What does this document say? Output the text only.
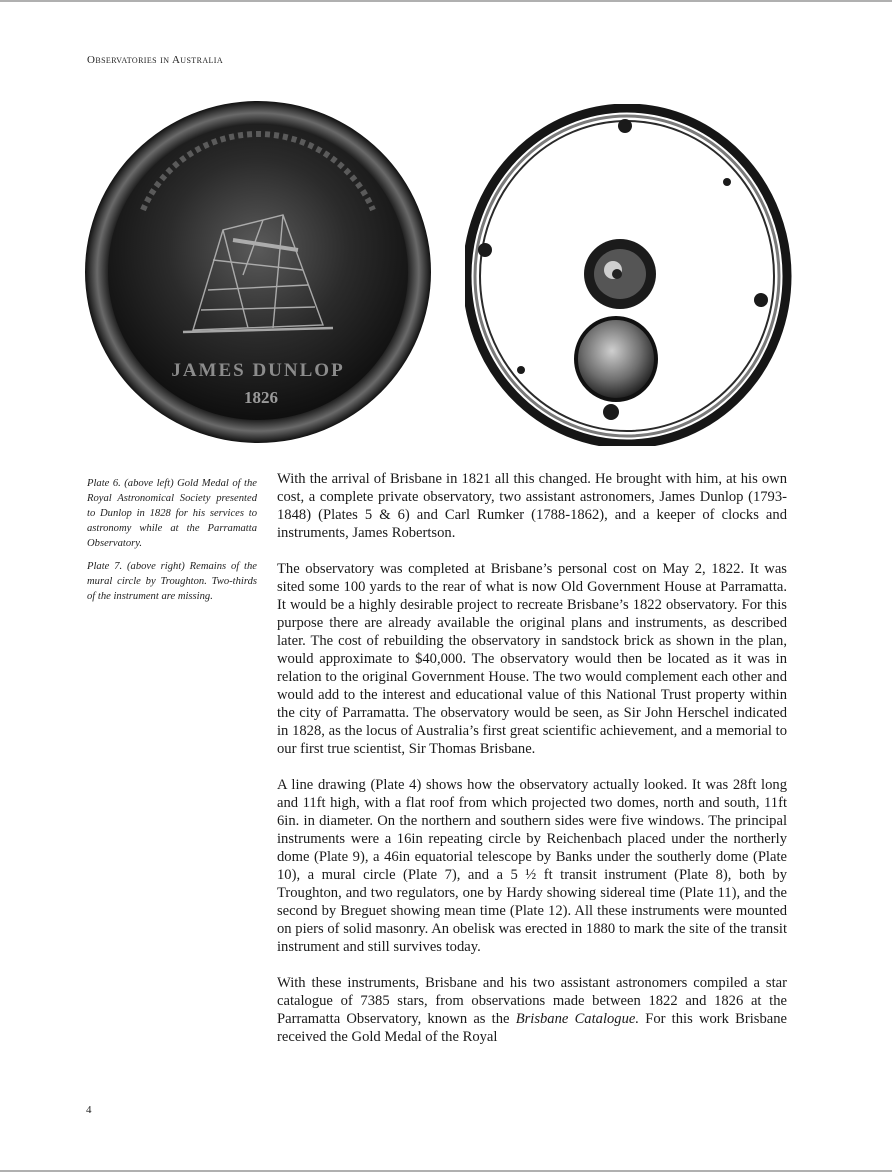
Observatories in Australia
JAMES DUNLOP
1826

Plate 6. (above left) Gold Medal of the Royal Astronomical Society presented to Dunlop in 1828 for his services to astronomy while at the Parramatta Observatory.

Plate 7. (above right) Remains of the mural circle by Troughton. Two-thirds of the instrument are missing.

With the arrival of Brisbane in 1821 all this changed. He brought with him, at his own cost, a complete private observatory, two assistant astronomers, James Dunlop (1793-1848) (Plates 5 & 6) and Carl Rumker (1788-1862), and a keeper of clocks and instruments, James Robertson.

The observatory was completed at Brisbane’s personal cost on May 2, 1822. It was sited some 100 yards to the rear of what is now Old Government House at Parramatta. It would be a highly desirable project to recreate Brisbane’s 1822 observatory. For this purpose there are already available the original plans and instruments, as described later. The cost of rebuilding the observatory in sandstock brick as shown in the plan, would approximate to $40,000. The observatory would then be located as it was in relation to the original Government House. The two would complement each other and would add to the interest and educational value of this National Trust property within the city of Parramatta. The observatory would be seen, as Sir John Herschel indicated in 1828, as the locus of Australia’s first great scientific achievement, and a memorial to our first true scientist, Sir Thomas Brisbane.

A line drawing (Plate 4) shows how the observatory actually looked. It was 28ft long and 11ft high, with a flat roof from which projected two domes, north and south, 11ft 6in. in diameter. On the northern and southern sides were five windows. The principal instruments were a 16in repeating circle by Reichenbach placed under the northerly dome (Plate 9), a 46in equatorial telescope by Banks under the southerly dome (Plate 10), a mural circle (Plate 7), and a 5 ½ ft transit instrument (Plate 8), both by Troughton, and two regulators, one by Hardy showing sidereal time (Plate 11), and the second by Breguet showing mean time (Plate 12). All these instruments were mounted on piers of solid masonry. An obelisk was erected in 1880 to mark the site of the transit instrument and still survives today.

With these instruments, Brisbane and his two assistant astronomers compiled a star catalogue of 7385 stars, from observations made between 1822 and 1826 at the Parramatta Observatory, known as the Brisbane Catalogue. For this work Brisbane received the Gold Medal of the Royal

4
